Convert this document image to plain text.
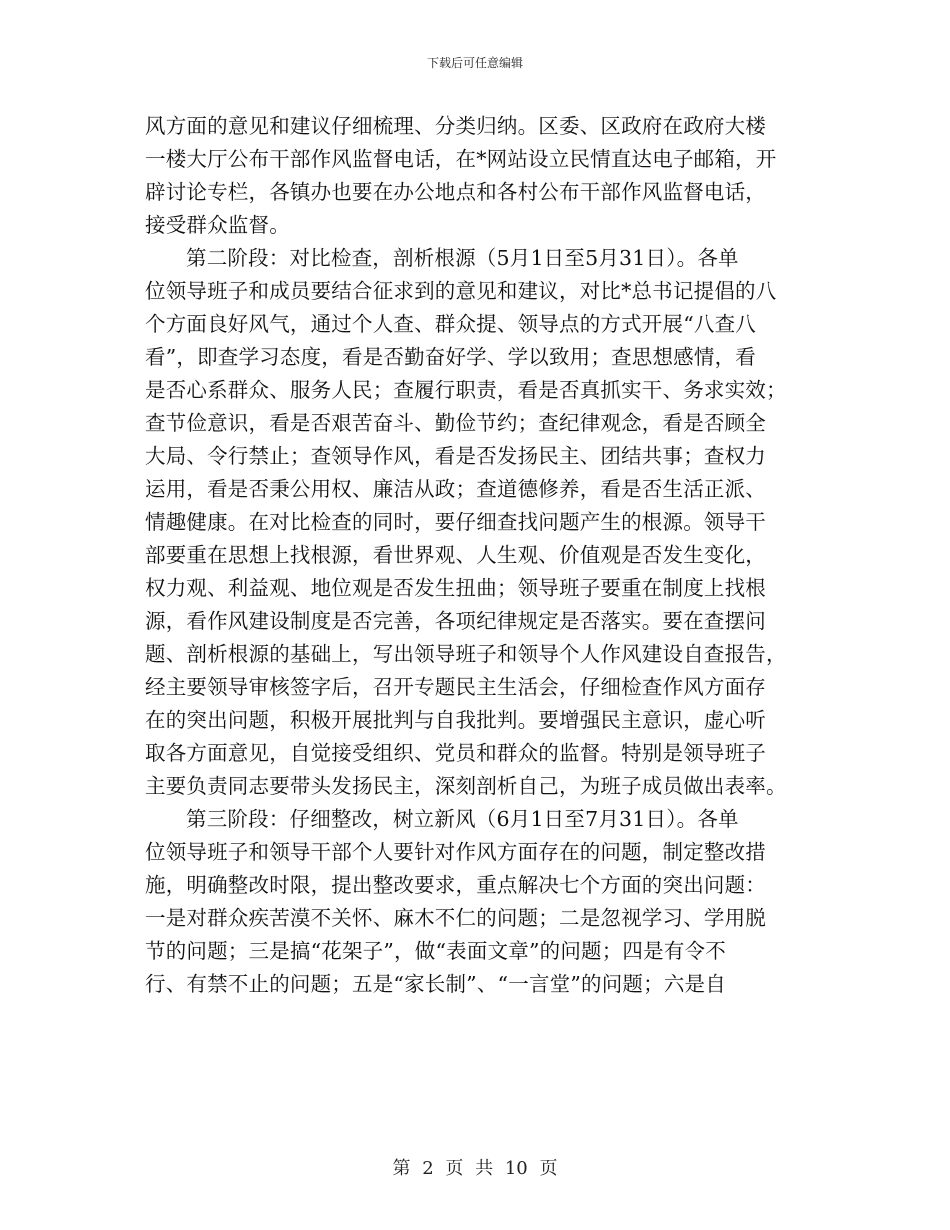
下载后可任意编辑
风方面的意见和建议仔细梳理、分类归纳。区委、区政府在政府大楼
一楼大厅公布干部作风监督电话，在*网站设立民情直达电子邮箱，开
辟讨论专栏，各镇办也要在办公地点和各村公布干部作风监督电话，
接受群众监督。
第二阶段：对比检查，剖析根源（5月1日至5月31日）。各单
位领导班子和成员要结合征求到的意见和建议，对比*总书记提倡的八
个方面良好风气，通过个人查、群众提、领导点的方式开展“八查八
看”，即查学习态度，看是否勤奋好学、学以致用；查思想感情，看
是否心系群众、服务人民；查履行职责，看是否真抓实干、务求实效；
查节俭意识，看是否艰苦奋斗、勤俭节约；查纪律观念，看是否顾全
大局、令行禁止；查领导作风，看是否发扬民主、团结共事；查权力
运用，看是否秉公用权、廉洁从政；查道德修养，看是否生活正派、
情趣健康。在对比检查的同时，要仔细查找问题产生的根源。领导干
部要重在思想上找根源，看世界观、人生观、价值观是否发生变化，
权力观、利益观、地位观是否发生扭曲；领导班子要重在制度上找根
源，看作风建设制度是否完善，各项纪律规定是否落实。要在查摆问
题、剖析根源的基础上，写出领导班子和领导个人作风建设自查报告，
经主要领导审核签字后，召开专题民主生活会，仔细检查作风方面存
在的突出问题，积极开展批判与自我批判。要增强民主意识，虚心听
取各方面意见，自觉接受组织、党员和群众的监督。特别是领导班子
主要负责同志要带头发扬民主，深刻剖析自己，为班子成员做出表率。
第三阶段：仔细整改，树立新风（6月1日至7月31日）。各单
位领导班子和领导干部个人要针对作风方面存在的问题，制定整改措
施，明确整改时限，提出整改要求，重点解决七个方面的突出问题：
一是对群众疾苦漠不关怀、麻木不仁的问题；二是忽视学习、学用脱
节的问题；三是搞“花架子”，做“表面文章”的问题；四是有令不
行、有禁不止的问题；五是“家长制”、“一言堂”的问题；六是自
第 2 页 共 10 页
